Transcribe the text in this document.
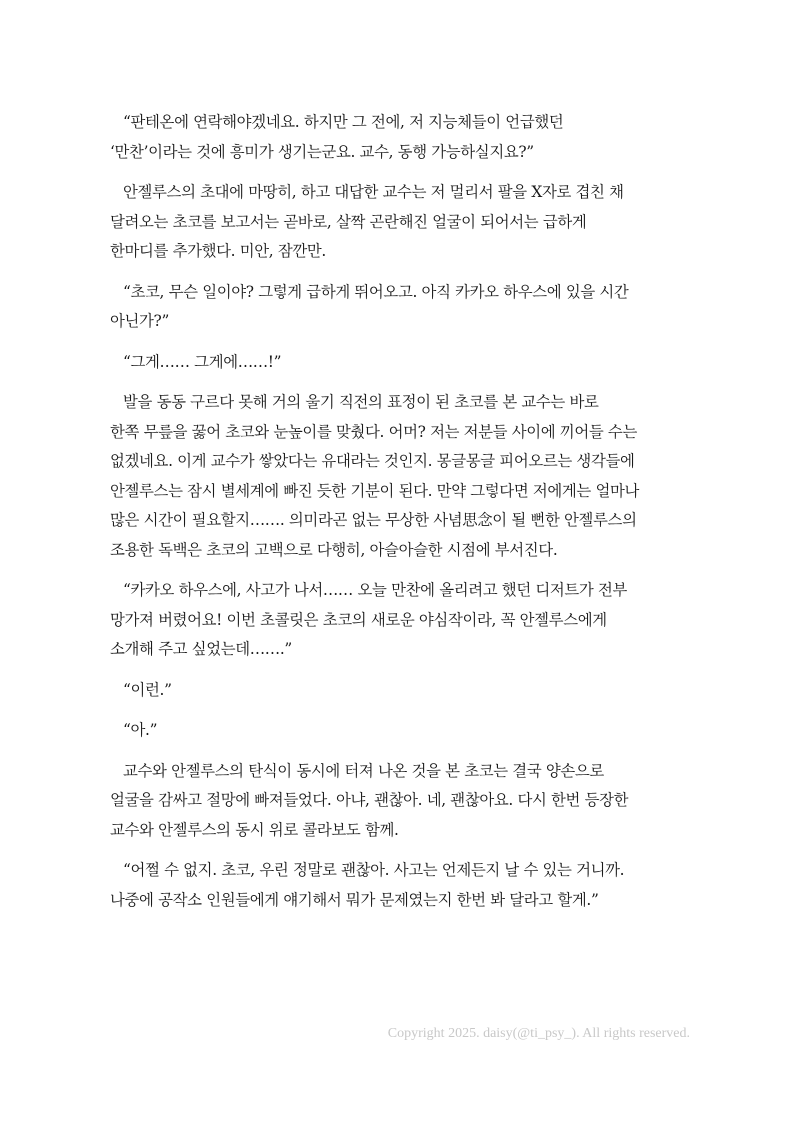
“판테온에 연락해야겠네요. 하지만 그 전에, 저 지능체들이 언급했던
‘만찬’이라는 것에 흥미가 생기는군요. 교수, 동행 가능하실지요?”
안젤루스의 초대에 마땅히, 하고 대답한 교수는 저 멀리서 팔을 X자로 겹친 채
달려오는 초코를 보고서는 곧바로, 살짝 곤란해진 얼굴이 되어서는 급하게
한마디를 추가했다. 미안, 잠깐만.
“초코, 무슨 일이야? 그렇게 급하게 뛰어오고. 아직 카카오 하우스에 있을 시간
아닌가?”
“그게…… 그게에……!”
발을 동동 구르다 못해 거의 울기 직전의 표정이 된 초코를 본 교수는 바로
한쪽 무릎을 꿇어 초코와 눈높이를 맞췄다. 어머? 저는 저분들 사이에 끼어들 수는
없겠네요. 이게 교수가 쌓았다는 유대라는 것인지. 몽글몽글 피어오르는 생각들에
안젤루스는 잠시 별세계에 빠진 듯한 기분이 된다. 만약 그렇다면 저에게는 얼마나
많은 시간이 필요할지……. 의미라곤 없는 무상한 사념思念이 될 뻔한 안젤루스의
조용한 독백은 초코의 고백으로 다행히, 아슬아슬한 시점에 부서진다.
“카카오 하우스에, 사고가 나서…… 오늘 만찬에 올리려고 했던 디저트가 전부
망가져 버렸어요! 이번 초콜릿은 초코의 새로운 야심작이라, 꼭 안젤루스에게
소개해 주고 싶었는데…….”
“이런.”
“아.”
교수와 안젤루스의 탄식이 동시에 터져 나온 것을 본 초코는 결국 양손으로
얼굴을 감싸고 절망에 빠져들었다. 아냐, 괜찮아. 네, 괜찮아요. 다시 한번 등장한
교수와 안젤루스의 동시 위로 콜라보도 함께.
“어쩔 수 없지. 초코, 우린 정말로 괜찮아. 사고는 언제든지 날 수 있는 거니까.
나중에 공작소 인원들에게 얘기해서 뭐가 문제였는지 한번 봐 달라고 할게.”
Copyright 2025. daisy(@ti_psy_). All rights reserved.
